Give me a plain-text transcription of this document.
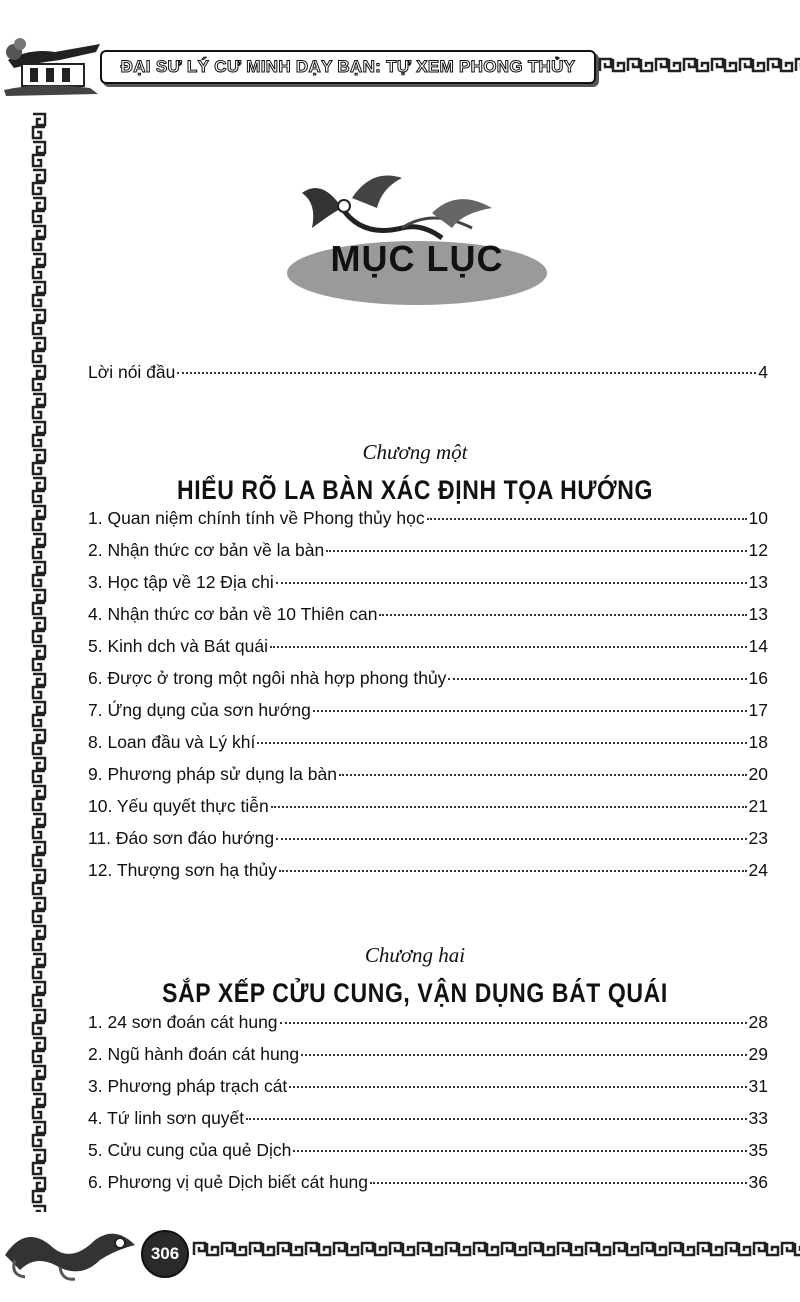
ĐẠI SƯ LÝ CƯ MINH DẠY BẠN: TỰ XEM PHONG THỦY
MỤC LỤC
Lời nói đầu	4
Chương một
HIỂU RÕ LA BÀN XÁC ĐỊNH TỌA HƯỚNG
1. Quan niệm chính tính về Phong thủy học	10
2. Nhận thức cơ bản về la bàn	12
3. Học tập về 12 Địa chi	13
4. Nhận thức cơ bản về 10 Thiên can	13
5. Kinh dch và Bát quái	14
6. Được ở trong một ngôi nhà hợp phong thủy	16
7. Ứng dụng của sơn hướng	17
8. Loan đầu và Lý khí	18
9. Phương pháp sử dụng la bàn	20
10. Yếu quyết thực tiễn	21
11. Đáo sơn đáo hướng	23
12. Thượng sơn hạ thủy	24
Chương hai
SẮP XẾP CỬU CUNG, VẬN DỤNG BÁT QUÁI
1. 24 sơn đoán cát hung	28
2. Ngũ hành đoán cát hung	29
3. Phương pháp trạch cát	31
4. Tứ linh sơn quyết	33
5. Cửu cung của quẻ Dịch	35
6. Phương vị quẻ Dịch biết cát hung	36
306
